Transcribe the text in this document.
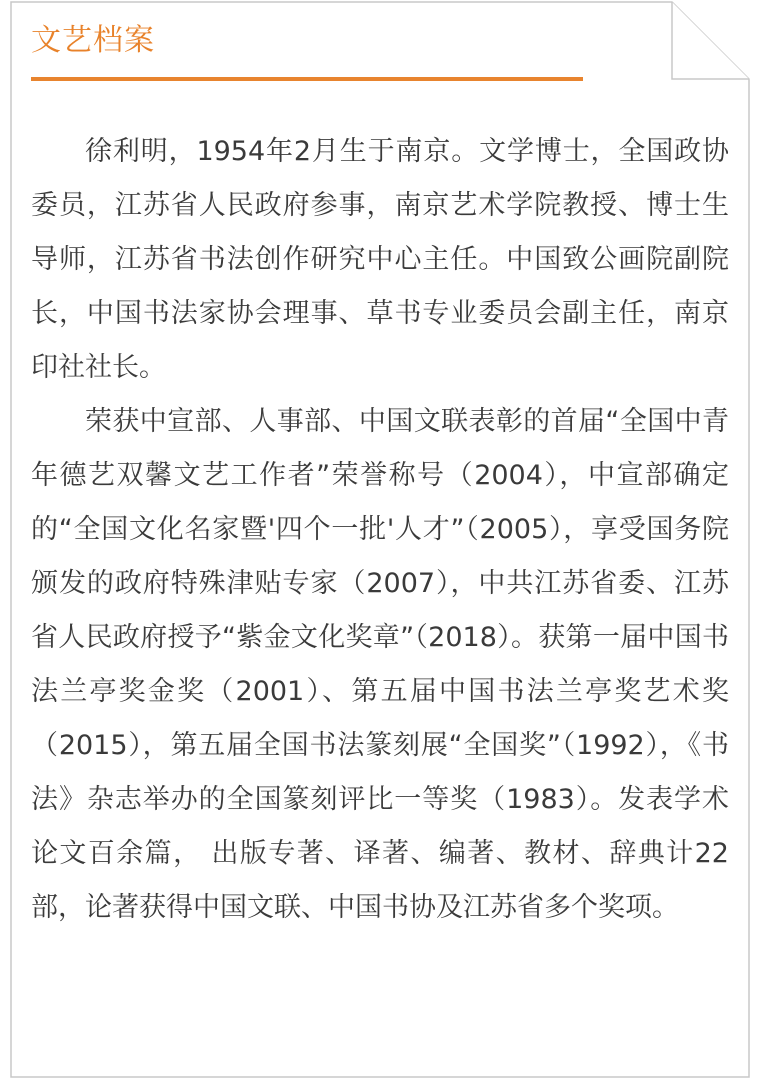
文艺档案

徐利明，1954年2月生于南京。文学博士，全国政协委员，江苏省人民政府参事，南京艺术学院教授、博士生导师，江苏省书法创作研究中心主任。中国致公画院副院长，中国书法家协会理事、草书专业委员会副主任，南京印社社长。

荣获中宣部、人事部、中国文联表彰的首届“全国中青年德艺双馨文艺工作者”荣誉称号（2004），中宣部确定的“全国文化名家暨'四个一批'人才”（2005），享受国务院颁发的政府特殊津贴专家（2007），中共江苏省委、江苏省人民政府授予“紫金文化奖章”（2018）。获第一届中国书法兰亭奖金奖（2001）、第五届中国书法兰亭奖艺术奖（2015），第五届全国书法篆刻展“全国奖”（1992），《书法》杂志举办的全国篆刻评比一等奖（1983）。发表学术论文百余篇， 出版专著、译著、编著、教材、辞典计22部，论著获得中国文联、中国书协及江苏省多个奖项。
